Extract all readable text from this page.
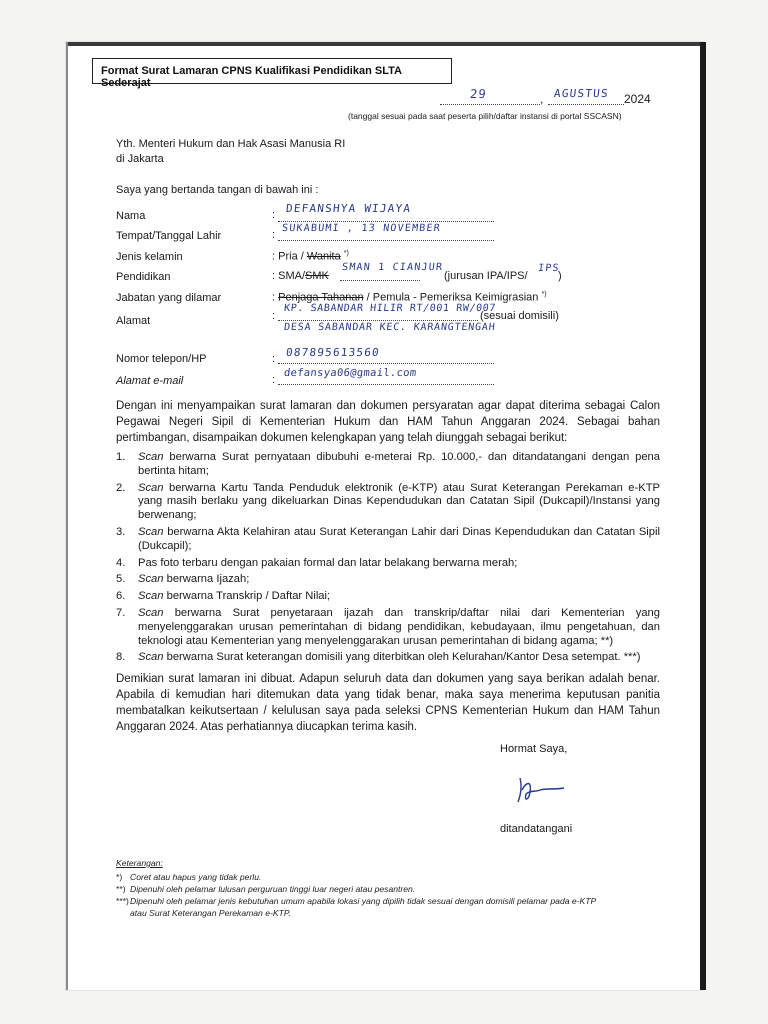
Format Surat Lamaran CPNS Kualifikasi Pendidikan SLTA Sederajat
29	, AGUSTUS 2024
(tanggal sesuai pada saat peserta pilih/daftar instansi di portal SSCASN)
Yth. Menteri Hukum dan Hak Asasi Manusia RI
di Jakarta
Saya yang bertanda tangan di bawah ini :
Nama	: DEFANSHYA WIJAYA
Tempat/Tanggal Lahir	:
SUKABUMI , 13 NOVEMBER
Jenis kelamin	: Pria / Wanita *)
Pendidikan	: SMA/SMK
SMAN 1 CIANJUR
(jurusan IPA/IPS/
IPS
)
Jabatan yang dilamar	: Penjaga Tahanan / Pemula - Pemeriksa Keimigrasian *)
Alamat	:
KP. SABANDAR HILIR RT/001 RW/007
(sesuai domisili)
DESA SABANDAR KEC. KARANGTENGAH
Nomor telepon/HP	: 087895613560
Alamat e-mail	:
defansya06@gmail.com
Dengan ini menyampaikan surat lamaran dan dokumen persyaratan agar dapat diterima sebagai Calon Pegawai Negeri Sipil di Kementerian Hukum dan HAM Tahun Anggaran 2024. Sebagai bahan pertimbangan, disampaikan dokumen kelengkapan yang telah diunggah sebagai berikut:
1. Scan berwarna Surat pernyataan dibubuhi e-meterai Rp. 10.000,- dan ditandatangani dengan pena bertinta hitam;
2. Scan berwarna Kartu Tanda Penduduk elektronik (e-KTP) atau Surat Keterangan Perekaman e-KTP yang masih berlaku yang dikeluarkan Dinas Kependudukan dan Catatan Sipil (Dukcapil)/Instansi yang berwenang;
3. Scan berwarna Akta Kelahiran atau Surat Keterangan Lahir dari Dinas Kependudukan dan Catatan Sipil (Dukcapil);
4. Pas foto terbaru dengan pakaian formal dan latar belakang berwarna merah;
5. Scan berwarna Ijazah;
6. Scan berwarna Transkrip / Daftar Nilai;
7. Scan berwarna Surat penyetaraan ijazah dan transkrip/daftar nilai dari Kementerian yang menyelenggarakan urusan pemerintahan di bidang pendidikan, kebudayaan, ilmu pengetahuan, dan teknologi atau Kementerian yang menyelenggarakan urusan pemerintahan di bidang agama; **)
8. Scan berwarna Surat keterangan domisili yang diterbitkan oleh Kelurahan/Kantor Desa setempat. ***)
Demikian surat lamaran ini dibuat. Adapun seluruh data dan dokumen yang saya berikan adalah benar. Apabila di kemudian hari ditemukan data yang tidak benar, maka saya menerima keputusan panitia membatalkan keikutsertaan / kelulusan saya pada seleksi CPNS Kementerian Hukum dan HAM Tahun Anggaran 2024. Atas perhatiannya diucapkan terima kasih.
Hormat Saya,
ditandatangani
Keterangan:
*) Coret atau hapus yang tidak perlu.
**) Dipenuhi oleh pelamar lulusan perguruan tinggi luar negeri atau pesantren.
***)Dipenuhi oleh pelamar jenis kebutuhan umum apabila lokasi yang dipilih tidak sesuai dengan domisili pelamar pada e-KTP
atau Surat Keterangan Perekaman e-KTP.
